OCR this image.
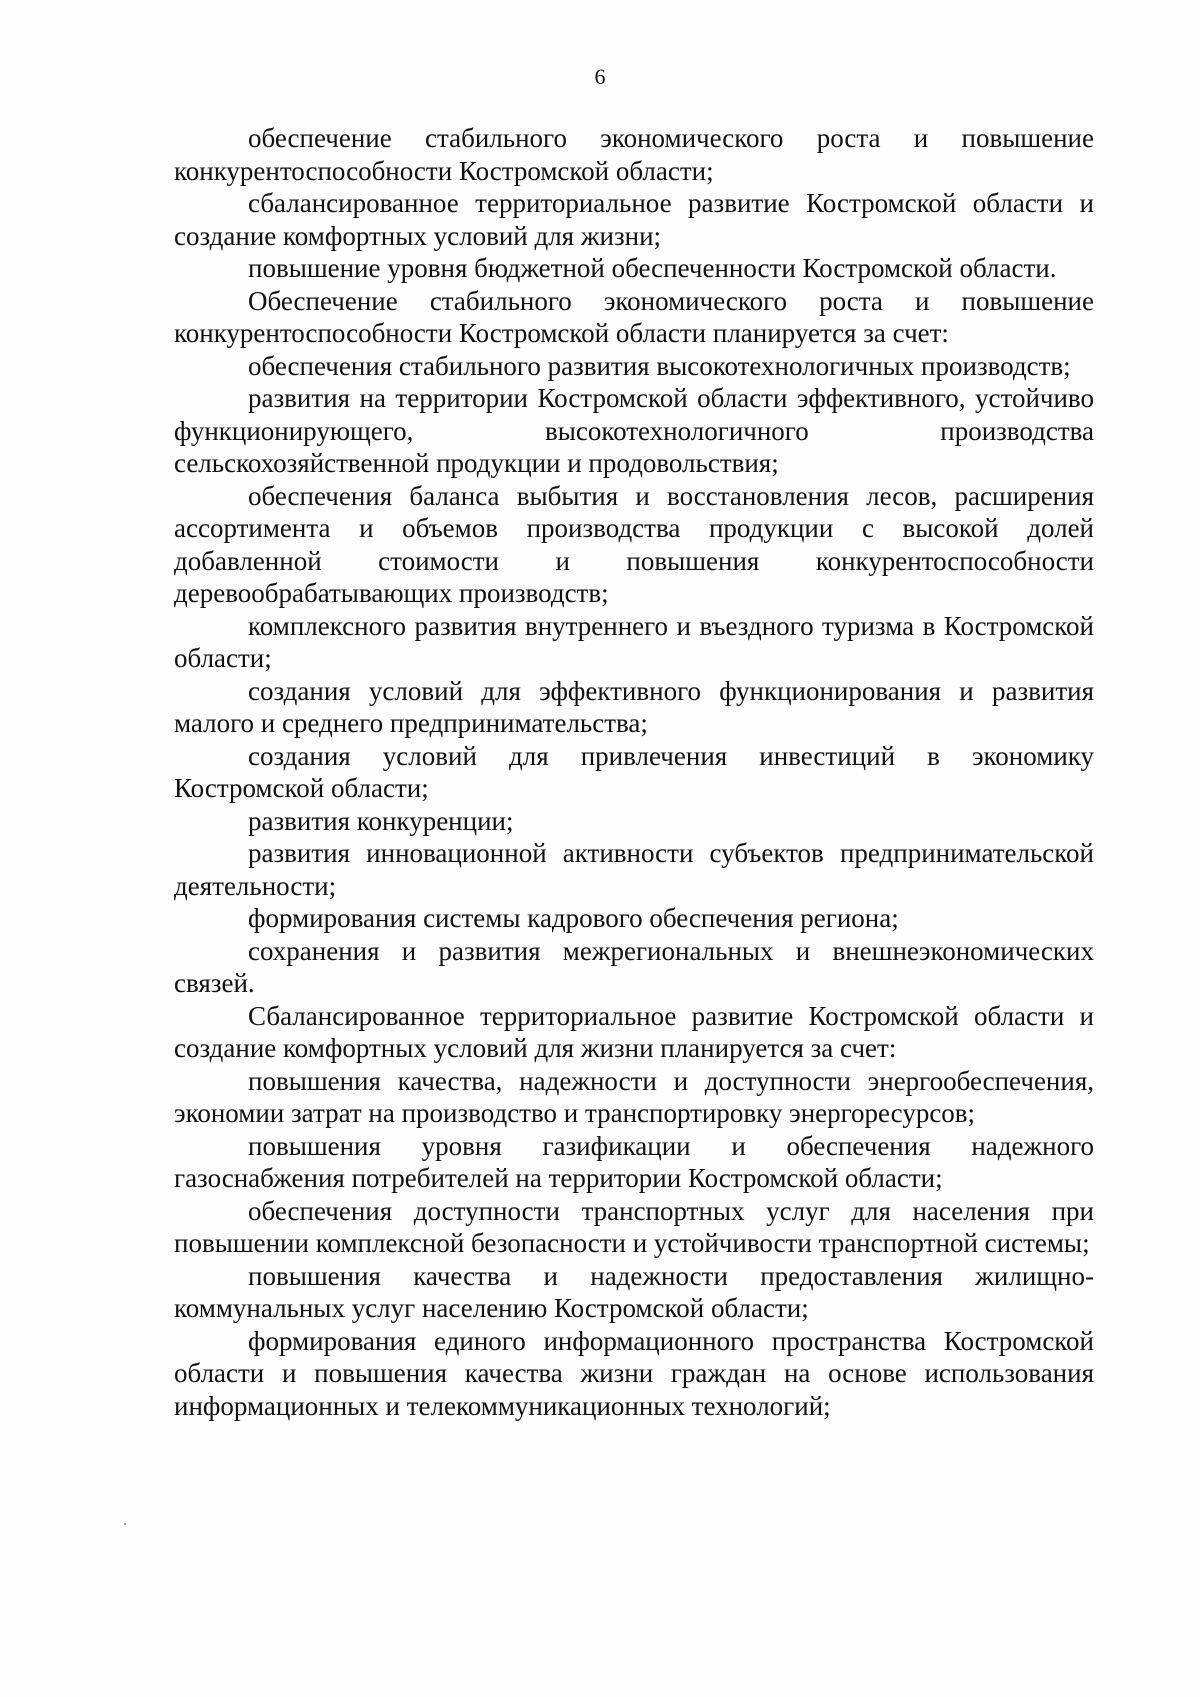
6

обеспечение стабильного экономического роста и повышение конкурентоспособности Костромской области;

сбалансированное территориальное развитие Костромской области и создание комфортных условий для жизни;

повышение уровня бюджетной обеспеченности Костромской области.

Обеспечение стабильного экономического роста и повышение конкурентоспособности Костромской области планируется за счет:

обеспечения стабильного развития высокотехнологичных производств;

развития на территории Костромской области эффективного, устойчиво функционирующего, высокотехнологичного производства сельскохозяйственной продукции и продовольствия;

обеспечения баланса выбытия и восстановления лесов, расширения ассортимента и объемов производства продукции с высокой долей добавленной стоимости и повышения конкурентоспособности деревообрабатывающих производств;

комплексного развития внутреннего и въездного туризма в Костромской области;

создания условий для эффективного функционирования и развития малого и среднего предпринимательства;

создания условий для привлечения инвестиций в экономику Костромской области;

развития конкуренции;

развития инновационной активности субъектов предпринимательской деятельности;

формирования системы кадрового обеспечения региона;

сохранения и развития межрегиональных и внешнеэкономических связей.

Сбалансированное территориальное развитие Костромской области и создание комфортных условий для жизни планируется за счет:

повышения качества, надежности и доступности энергообеспечения, экономии затрат на производство и транспортировку энергоресурсов;

повышения уровня газификации и обеспечения надежного газоснабжения потребителей на территории Костромской области;

обеспечения доступности транспортных услуг для населения при повышении комплексной безопасности и устойчивости транспортной системы;

повышения качества и надежности предоставления жилищно-коммунальных услуг населению Костромской области;

формирования единого информационного пространства Костромской области и повышения качества жизни граждан на основе использования информационных и телекоммуникационных технологий;
